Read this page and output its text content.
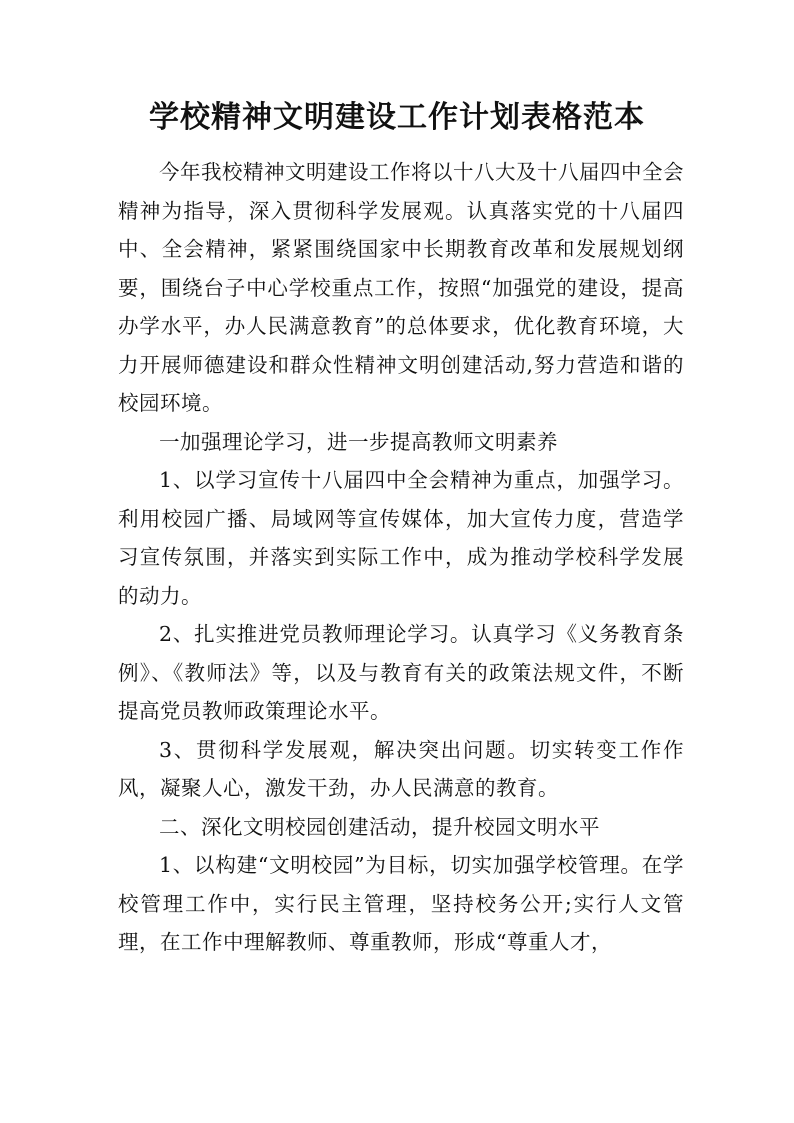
学校精神文明建设工作计划表格范本

今年我校精神文明建设工作将以十八大及十八届四中全会精神为指导，深入贯彻科学发展观。认真落实党的十八届四中、全会精神，紧紧围绕国家中长期教育改革和发展规划纲要，围绕台子中心学校重点工作，按照“加强党的建设，提高办学水平，办人民满意教育”的总体要求，优化教育环境，大力开展师德建设和群众性精神文明创建活动,努力营造和谐的校园环境。

一加强理论学习，进一步提高教师文明素养

1、以学习宣传十八届四中全会精神为重点，加强学习。利用校园广播、局域网等宣传媒体，加大宣传力度，营造学习宣传氛围，并落实到实际工作中，成为推动学校科学发展的动力。

2、扎实推进党员教师理论学习。认真学习《义务教育条例》、《教师法》等，以及与教育有关的政策法规文件，不断提高党员教师政策理论水平。

3、贯彻科学发展观，解决突出问题。切实转变工作作风，凝聚人心，激发干劲，办人民满意的教育。

二、深化文明校园创建活动，提升校园文明水平

1、以构建“文明校园”为目标，切实加强学校管理。在学校管理工作中，实行民主管理，坚持校务公开;实行人文管理，在工作中理解教师、尊重教师，形成“尊重人才，
